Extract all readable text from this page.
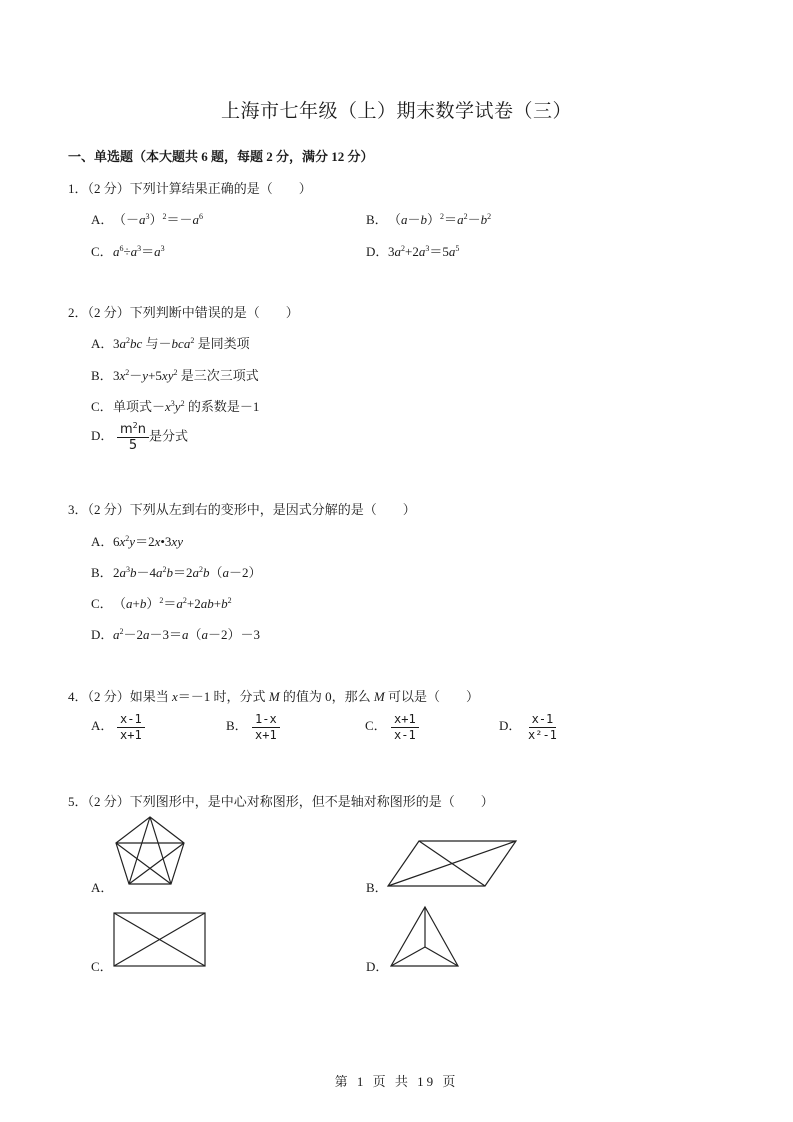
上海市七年级（上）期末数学试卷（三）
一、单选题（本大题共 6 题，每题 2 分，满分 12 分）
1．（2 分）下列计算结果正确的是（　　）
A．$(-a^3)^2=-a^6$	B．$(a-b)^2=a^2-b^2$
C．$a^6\div a^3=a^3$	D．$3a^2+2a^3=5a^5$
2．（2 分）下列判断中错误的是（　　）
A．$3a^2bc$ 与－bca$^2$ 是同类项
B．$3x^2-y+5xy^2$ 是三次三项式
C．单项式$-x^3y^2$ 的系数是－1
D． $\frac{m^2n}{5}$ 是分式
3．（2 分）下列从左到右的变形中，是因式分解的是（　　）
A．$6x^2y=2x•3xy$
B．$2a^3b-4a^2b=2a^2b(a-2)$
C．$(a+b)^2=a^2+2ab+b^2$
D．$a^2-2a-3=a(a-2)-3$
4．（2 分）如果当 x＝－1 时，分式 M 的值为 0，那么 M 可以是（　　）
A． $\frac{x-1}{x+1}$	B． $\frac{1-x}{x+1}$	C． $\frac{x+1}{x-1}$	D． $\frac{x-1}{\text{x²-1}}$
5．（2 分）下列图形中，是中心对称图形，但不是轴对称图形的是（　　）
A．	B．
C．	D．
第 1 页 共 19 页
